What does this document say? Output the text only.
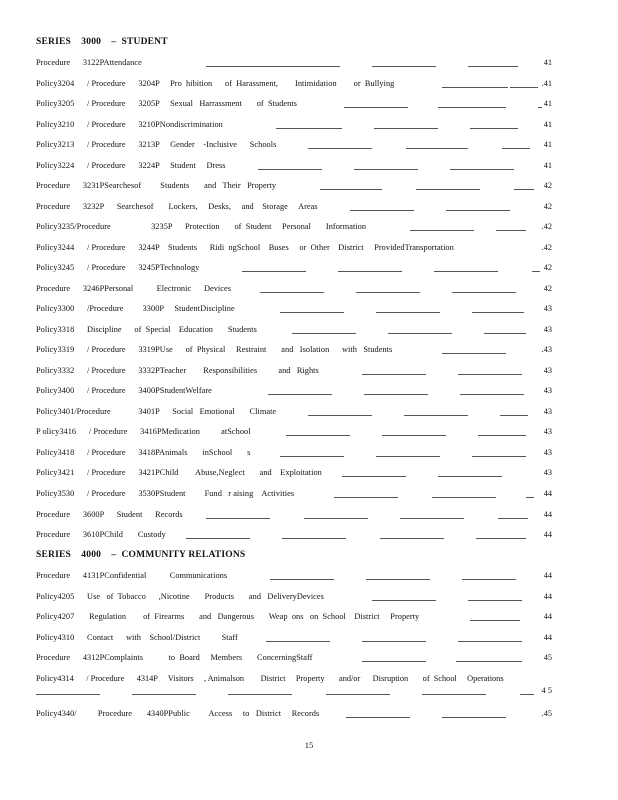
SERIES    3000    –  STUDENT
Procedure      3122PAttendance	41
Policy3204      / Procedure      3204P     Pro  hibition      of  Harassment,        Intimidation        or  Bullying	.41
Policy3205      / Procedure      3205P     Sexual   Harrassment       of  Students	41
Policy3210      / Procedure      3210PNondiscrimination	41
Policy3213      / Procedure      3213P     Gender    -Inclusive      Schools	41
Policy3224      / Procedure      3224P     Student     Dress	41
Procedure      3231PSearchesof         Students       and   Their   Property	42
Procedure      3232P      Searchesof       Lockers,     Desks,     and    Storage     Areas	42
Policy3235/Procedure                   3235P      Protection       of  Student     Personal       Information	.42
Policy3244      / Procedure      3244P    Students      Ridi  ngSchool    Buses     or  Other    District     ProvidedTransportation	.42
Policy3245      / Procedure      3245PTechnology	42
Procedure      3246PPersonal           Electronic      Devices	42
Policy3300      /Procedure         3300P     StudentDiscipline	43
Policy3318      Discipline      of  Special    Education       Students	43
Policy3319      / Procedure      3319PUse      of  Physical     Restraint       and   Isolation      with   Students	.43
Policy3332      / Procedure      3332PTeacher        Responsibilities          and   Rights	43
Policy3400      / Procedure      3400PStudentWelfare	43
Policy3401/Procedure             3401P      Social   Emotional       Climate	43
P olicy3416      / Procedure      3416PMedication          atSchool	43
Policy3418      / Procedure      3418PAnimals       inSchool       s	43
Policy3421      / Procedure      3421PChild        Abuse,Neglect       and    Exploitation	43
Policy3530      / Procedure      3530PStudent         Fund   r aising    Activities	44
Procedure      3600P      Student      Records	44
Procedure      3610PChild       Custody	44
SERIES    4000    –  COMMUNITY RELATIONS
Procedure      4131PConfidential           Communications	44
Policy4205      Use   of  Tobacco      ,Nicotine       Products       and   DeliveryDevices	44
Policy4207       Regulation        of  Firearms       and   Dangerous       Weap  ons   on  School    District     Property	44
Policy4310      Contact      with    School/District          Staff	44
Procedure      4312PComplaints            to  Board     Members       ConcerningStaff	45
Policy4314      / Procedure      4314P     Visitors     , Animalson        District     Property       and/or      Disruption       of  School     Operations
4 5
Policy4340/          Procedure       4340PPublic         Access     to   District     Records	.45
15
